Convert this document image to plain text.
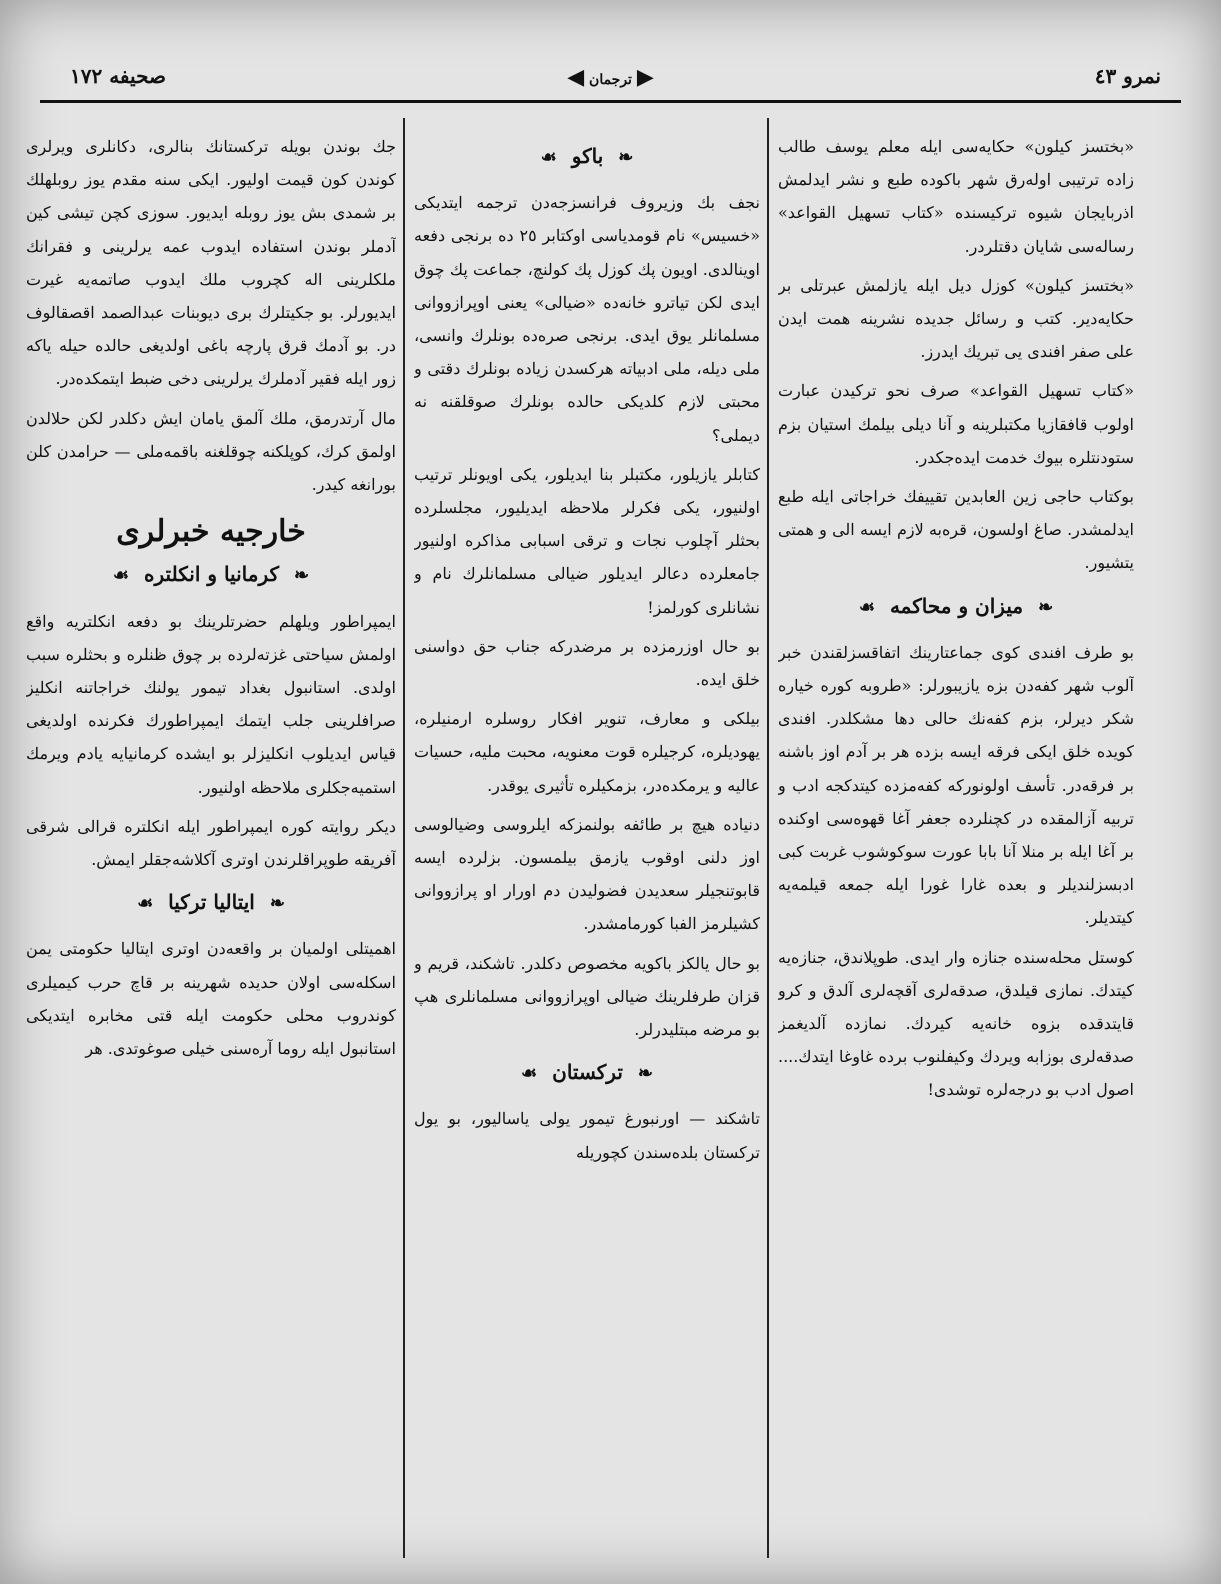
نمرو ٤٣
▶ ترجمان ◀
صحيفه ١٧٢

«بختسز كيلون» حكايه‌سى ايله معلم يوسف طالب زاده ترتيبى اوله‌رق شهر باكوده طبع و نشر ايدلمش اذربايجان شيوه تركيسنده «كتاب تسهيل القواعد» رساله‌سى شايان دقتلردر.

«بختسز كيلون» كوزل ديل ايله يازلمش عبرتلى بر حكايه‌دير. كتب و رسائل جديده نشرينه همت ايدن على صفر افندى يى تبريك ايدرز.

«كتاب تسهيل القواعد» صرف نحو تركيدن عبارت اولوب قافقازيا مكتبلرينه و آنا ديلى بيلمك استيان بزم ستودنتلره بيوك خدمت ايده‌جكدر.

بوكتاب حاجى زين العابدين تقييفك خراجاتى ايله طبع ايدلمشدر. صاغ اولسون، قره‌به لازم ايسه الى و همتى يتشيور.

❧ ميزان و محاكمه ☙

بو طرف افندى كوى جماعتارينك اتفاقسزلقندن خبر آلوب شهر كفه‌دن بزه يازيبورلر: «طروبه كوره خياره شكر ديرلر، بزم كفه‌نك حالى دها مشكلدر. افندى كويده خلق ايكى فرقه ايسه بزده هر بر آدم اوز باشنه بر فرقه‌در. تأسف اولونوركه كفه‌مزده كيتدكجه ادب و تربيه آزالمقده در كچنلرده جعفر آغا قهوه‌سى اوكنده بر آغا ايله بر منلا آنا بابا عورت سوكوشوب غربت كبى ادبسزلنديلر و بعده غارا غورا ايله جمعه قيلمه‌يه كيتديلر.

كوستل محله‌سنده جنازه وار ايدى. طوپلاندق، جنازه‌يه كيتدك. نمازى قيلدق، صدقه‌لرى آقچه‌لرى آلدق و كرو قايتدقده بزوه خانه‌يه كيردك. نمازده آلديغمز صدقه‌لرى بوزابه ويردك وكيفلنوب برده غاوغا ايتدك.... اصول ادب بو درجه‌لره توشدى!

❧ باكو ☙

نجف بك وزيروف فرانسزجه‌دن ترجمه ايتديكى «خسيس» نام قومدياسى اوكتابر ٢٥ ده برنجى دفعه اوينالدى. اويون پك كوزل پك كولنچ، جماعت پك چوق ايدى لكن تياترو خانه‌ده «ضيالى» يعنى اوپرازووانى مسلمانلر يوق ايدى. برنجى صره‌ده بونلرك وانسى، ملى ديله، ملى ادبياته هركسدن زياده بونلرك دقتى و محبتى لازم كلديكى حالده بونلرك صوقلقنه نه ديملى؟

كتابلر يازيلور، مكتبلر بنا ايديلور، يكى اويونلر ترتيب اولنيور، يكى فكرلر ملاحظه ايديليور، مجلسلرده بحثلر آچلوب نجات و ترقى اسبابى مذاكره اولنيور جامعلرده دعالر ايديلور ضيالى مسلمانلرك نام و نشانلرى كورلمز!

بو حال اوزرمزده بر مرضدركه جناب حق دواسنى خلق ايده.

بيلكى و معارف، تنوير افكار روسلره ارمنيلره، يهوديلره، كرجيلره قوت معنويه، محبت مليه، حسيات عاليه و يرمكده‌در، بزمكيلره تأثيرى يوقدر.

دنياده هيچ بر طائفه بولنمزكه ايلروسى وضيالوسى اوز دلنى اوقوب يازمق بيلمسون. بزلرده ايسه قابوتنجيلر سعديدن فضوليدن دم اورار او پرازووانى كشيلرمز الفبا كورمامشدر.

بو حال يالكز باكويه مخصوص دكلدر. تاشكند، قريم و قزان طرفلرينك ضيالى اوپرازووانى مسلمانلرى هپ بو مرضه مبتلیدرلر.

❧ تركستان ☙

تاشكند — اورنبورغ تيمور يولى ياساليور، بو يول تركستان بلده‌سندن كچوريله

جك بوندن بويله تركستانك بنالرى، دكانلرى ويرلرى كوندن كون قيمت اوليور. ايكى سنه مقدم يوز روبلهلك بر شمدى بش يوز روبله ايديور. سوزى كچن تيشى كين آدملر بوندن استفاده ايدوب عمه يرلرينى و فقرانك ملكلرينى اله كچروب ملك ايدوب صاتمه‌يه غيرت ايديورلر. بو جكيتلرك برى ديوبنات عبدالصمد اقصقالوف در. بو آدمك قرق پارچه باغى اولديغى حالده حيله ياكه زور ايله فقير آدملرك يرلرينى دخى ضبط ايتمكده‌در.

مال آرتدرمق، ملك آلمق يامان ايش دكلدر لكن حلالدن اولمق كرك، كوپلكنه چوقلغنه باقمه‌ملى — حرامدن كلن بورانغه كيدر.

خارجيه خبرلرى
❧ كرمانيا و انكلتره ☙

ايمپراطور ويلهلم حضرتلرينك بو دفعه انكلتريه واقع اولمش سياحتى غزته‌لرده بر چوق ظنلره و بحثلره سبب اولدى. استانبول بغداد تيمور يولنك خراجاتنه انكليز صرافلرينى جلب ايتمك ايمپراطورك فكرنده اولديغى قياس ايديلوب انكليزلر بو ايشده كرمانيايه يادم ويرمك استميه‌جكلرى ملاحظه اولنيور.

ديكر روايته كوره ايمپراطور ايله انكلتره قرالى شرقى آفريقه طوپراقلرندن اوترى آكلاشه‌جقلر ايمش.

❧ ايتاليا تركيا ☙

اهميتلى اولميان بر واقعه‌دن اوترى ايتاليا حكومتى يمن اسكله‌سى اولان حديده شهرينه بر قاچ حرب كيميلرى كوندروب محلى حكومت ايله قتى مخابره ايتديكى استانبول ايله روما آره‌سنى خيلى صوغوتدى. هر
